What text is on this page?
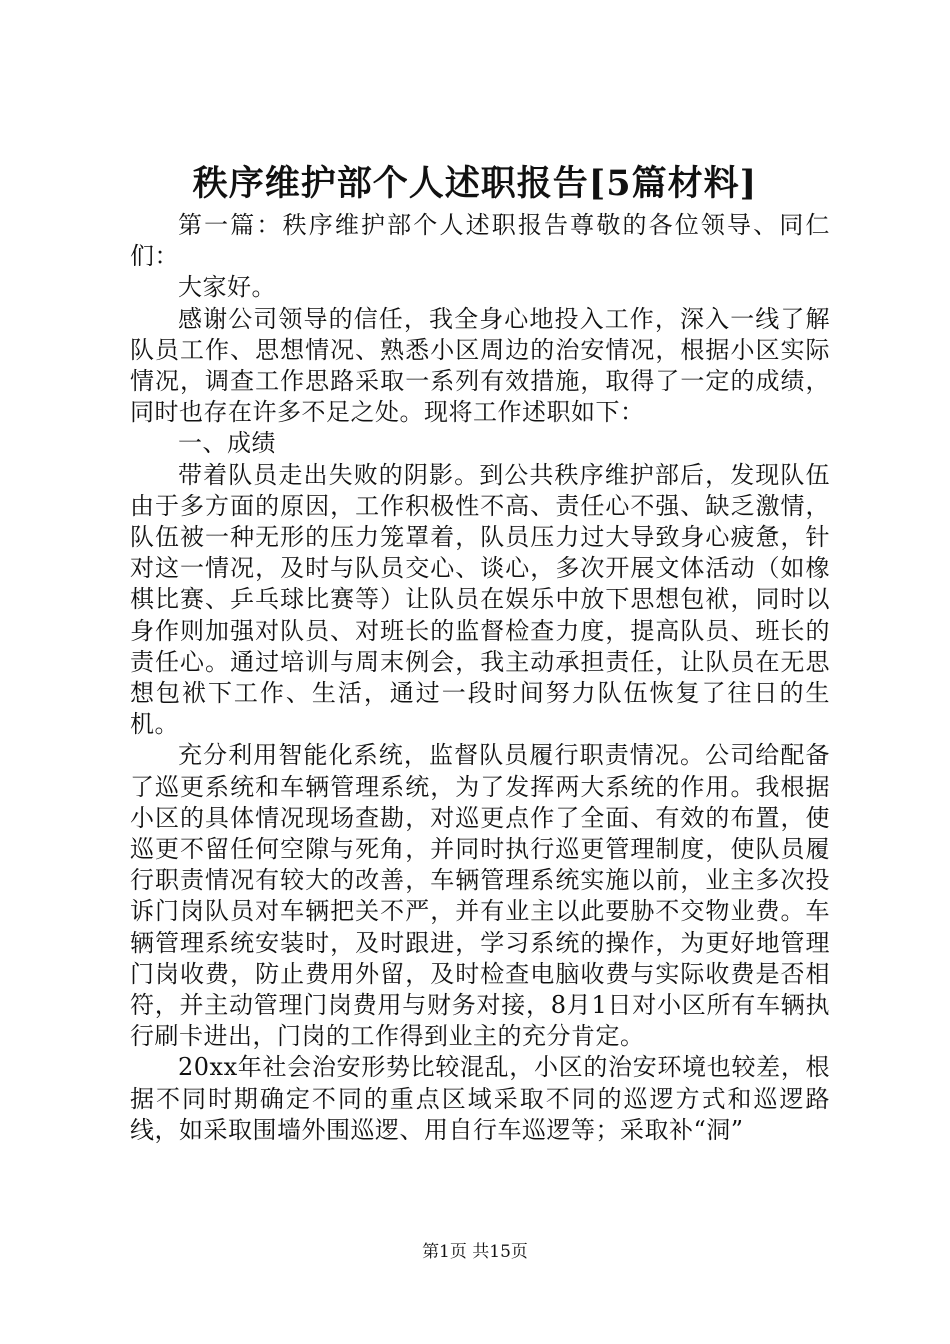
秩序维护部个人述职报告[5篇材料]

第一篇：秩序维护部个人述职报告尊敬的各位领导、同仁们：

大家好。

感谢公司领导的信任，我全身心地投入工作，深入一线了解队员工作、思想情况、熟悉小区周边的治安情况，根据小区实际情况，调查工作思路采取一系列有效措施，取得了一定的成绩，同时也存在许多不足之处。现将工作述职如下：

一、成绩

带着队员走出失败的阴影。到公共秩序维护部后，发现队伍由于多方面的原因，工作积极性不高、责任心不强、缺乏激情，队伍被一种无形的压力笼罩着，队员压力过大导致身心疲惫，针对这一情况，及时与队员交心、谈心，多次开展文体活动（如橡棋比赛、乒乓球比赛等）让队员在娱乐中放下思想包袱，同时以身作则加强对队员、对班长的监督检查力度，提高队员、班长的责任心。通过培训与周末例会，我主动承担责任，让队员在无思想包袱下工作、生活，通过一段时间努力队伍恢复了往日的生机。

充分利用智能化系统，监督队员履行职责情况。公司给配备了巡更系统和车辆管理系统，为了发挥两大系统的作用。我根据小区的具体情况现场查勘，对巡更点作了全面、有效的布置，使巡更不留任何空隙与死角，并同时执行巡更管理制度，使队员履行职责情况有较大的改善，车辆管理系统实施以前，业主多次投诉门岗队员对车辆把关不严，并有业主以此要胁不交物业费。车辆管理系统安装时，及时跟进，学习系统的操作，为更好地管理门岗收费，防止费用外留，及时检查电脑收费与实际收费是否相符，并主动管理门岗费用与财务对接，8月1日对小区所有车辆执行刷卡进出，门岗的工作得到业主的充分肯定。

20xx年社会治安形势比较混乱，小区的治安环境也较差，根据不同时期确定不同的重点区域采取不同的巡逻方式和巡逻路线，如采取围墙外围巡逻、用自行车巡逻等；采取补“洞”

第1页 共15页
